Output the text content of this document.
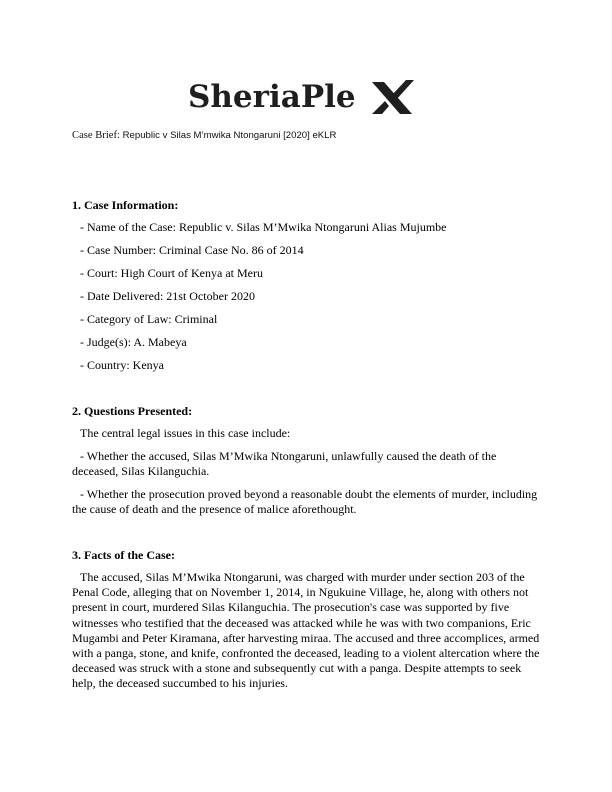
SheriaPle
Case Brief: Republic v Silas M’mwika Ntongaruni [2020] eKLR
1. Case Information:
- Name of the Case: Republic v. Silas M’Mwika Ntongaruni Alias Mujumbe
- Case Number: Criminal Case No. 86 of 2014
- Court: High Court of Kenya at Meru
- Date Delivered: 21st October 2020
- Category of Law: Criminal
- Judge(s): A. Mabeya
- Country: Kenya
2. Questions Presented:
The central legal issues in this case include:

- Whether the accused, Silas M’Mwika Ntongaruni, unlawfully caused the death of the deceased, Silas Kilanguchia.

- Whether the prosecution proved beyond a reasonable doubt the elements of murder, including the cause of death and the presence of malice aforethought.

3. Facts of the Case:

The accused, Silas M’Mwika Ntongaruni, was charged with murder under section 203 of the Penal Code, alleging that on November 1, 2014, in Ngukuine Village, he, along with others not present in court, murdered Silas Kilanguchia. The prosecution's case was supported by five witnesses who testified that the deceased was attacked while he was with two companions, Eric Mugambi and Peter Kiramana, after harvesting miraa. The accused and three accomplices, armed with a panga, stone, and knife, confronted the deceased, leading to a violent altercation where the deceased was struck with a stone and subsequently cut with a panga. Despite attempts to seek help, the deceased succumbed to his injuries.
